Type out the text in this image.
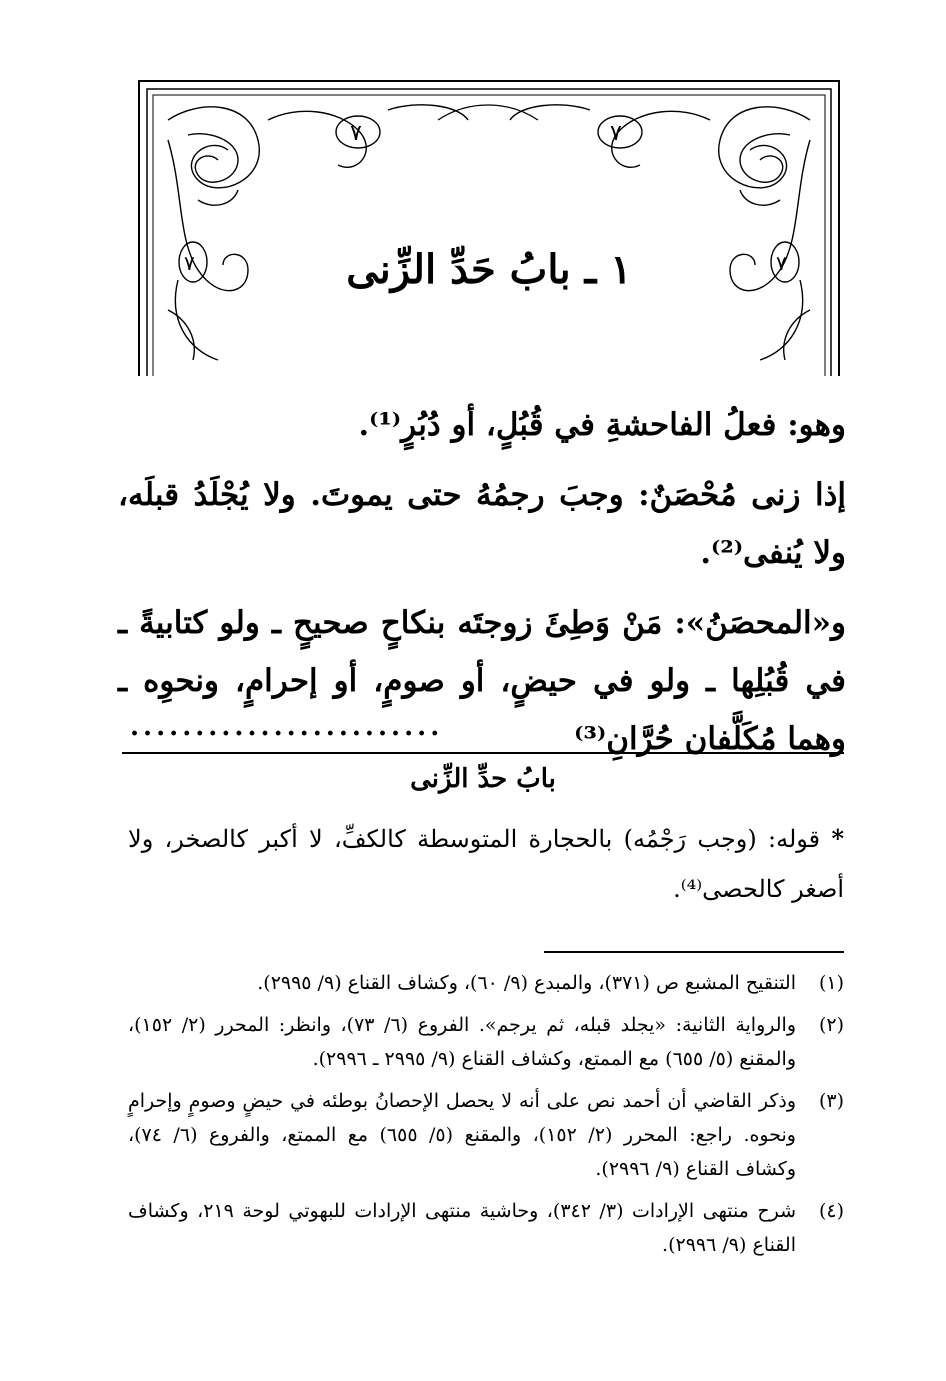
٧
٧
٧
٧
١ ـ بابُ حَدِّ الزِّنى

وهو: فعلُ الفاحشةِ في قُبُلٍ، أو دُبُرٍ⁽¹⁾.

إذا زنى مُحْصَنٌ: وجبَ رجمُهُ حتى يموتَ. ولا يُجْلَدُ قبلَه، ولا يُنفى⁽²⁾.

و«المحصَنُ»: مَنْ وَطِئَ زوجتَه بنكاحٍ صحيحٍ ـ ولو كتابيةً ـ في قُبُلِها ـ ولو في حيضٍ، أو صومٍ، أو إحرامٍ، ونحوِه ـ وهما مُكَلَّفان حُرَّانِ⁽³⁾

........................
بابُ حدِّ الزِّنى
* قوله: (وجب رَجْمُه) بالحجارة المتوسطة كالكفِّ، لا أكبر كالصخر، ولا أصغر كالحصى⁽⁴⁾.
(١)
التنقيح المشبع ص (٣٧١)، والمبدع (٩/ ٦٠)، وكشاف القناع (٩/ ٢٩٩٥).
(٢)
والرواية الثانية: «يجلد قبله، ثم يرجم». الفروع (٦/ ٧٣)، وانظر: المحرر (٢/ ١٥٢)، والمقنع (٥/ ٦٥٥) مع الممتع، وكشاف القناع (٩/ ٢٩٩٥ ـ ٢٩٩٦).
(٣)
وذكر القاضي أن أحمد نص على أنه لا يحصل الإحصانُ بوطئه في حيضٍ وصومٍ وإحرامٍ ونحوه. راجع: المحرر (٢/ ١٥٢)، والمقنع (٥/ ٦٥٥) مع الممتع، والفروع (٦/ ٧٤)، وكشاف القناع (٩/ ٢٩٩٦).
(٤)
شرح منتهى الإرادات (٣/ ٣٤٢)، وحاشية منتهى الإرادات للبهوتي لوحة ٢١٩، وكشاف القناع (٩/ ٢٩٩٦).
